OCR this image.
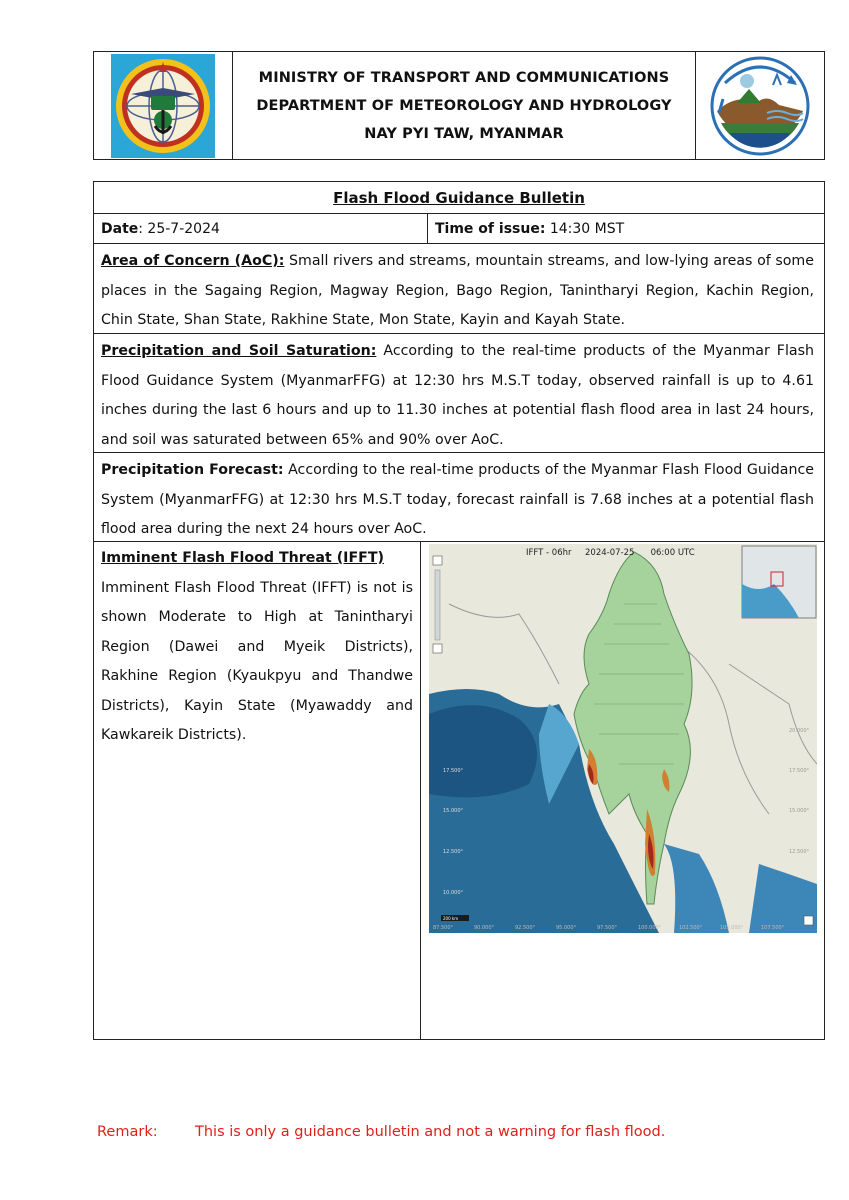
MINISTRY OF TRANSPORT AND COMMUNICATIONS
DEPARTMENT OF METEOROLOGY AND HYDROLOGY
NAY PYI TAW, MYANMAR
Flash Flood Guidance Bulletin
Date : 25-7-2024	Time of issue: 14:30 MST
Area of Concern (AoC): Small rivers and streams, mountain streams, and low-lying areas of some places in the Sagaing Region, Magway Region, Bago Region, Tanintharyi Region, Kachin Region, Chin State, Shan State, Rakhine State, Mon State, Kayin and Kayah State.
Precipitation and Soil Saturation: According to the real-time products of the Myanmar Flash Flood Guidance System (MyanmarFFG) at 12:30 hrs M.S.T today, observed rainfall is up to 4.61 inches during the last 6 hours and up to 11.30 inches at potential flash flood area in last 24 hours, and soil was saturated between 65% and 90% over AoC.
Precipitation Forecast: According to the real-time products of the Myanmar Flash Flood Guidance System (MyanmarFFG) at 12:30 hrs M.S.T today, forecast rainfall is 7.68 inches at a potential flash flood area during the next 24 hours over AoC.
Imminent Flash Flood Threat (IFFT)
Imminent Flash Flood Threat (IFFT) is not is shown Moderate to High at Tanintharyi Region (Dawei and Myeik Districts), Rakhine Region (Kyaukpyu and Thandwe Districts), Kayin State (Myawaddy and Kawkareik Districts).
IFFT - 06hr     2024-07-25      06:00 UTC
17.500°
15.000°
12.500°
10.000°
20.000°
17.500°
15.000°
12.500°
87.500°	90.000°	92.500°	95.000°	97.500°	100.000°	102.500°	105.000°	107.500°
200 km
Remark:	This is only a guidance bulletin and not a warning for flash flood.
